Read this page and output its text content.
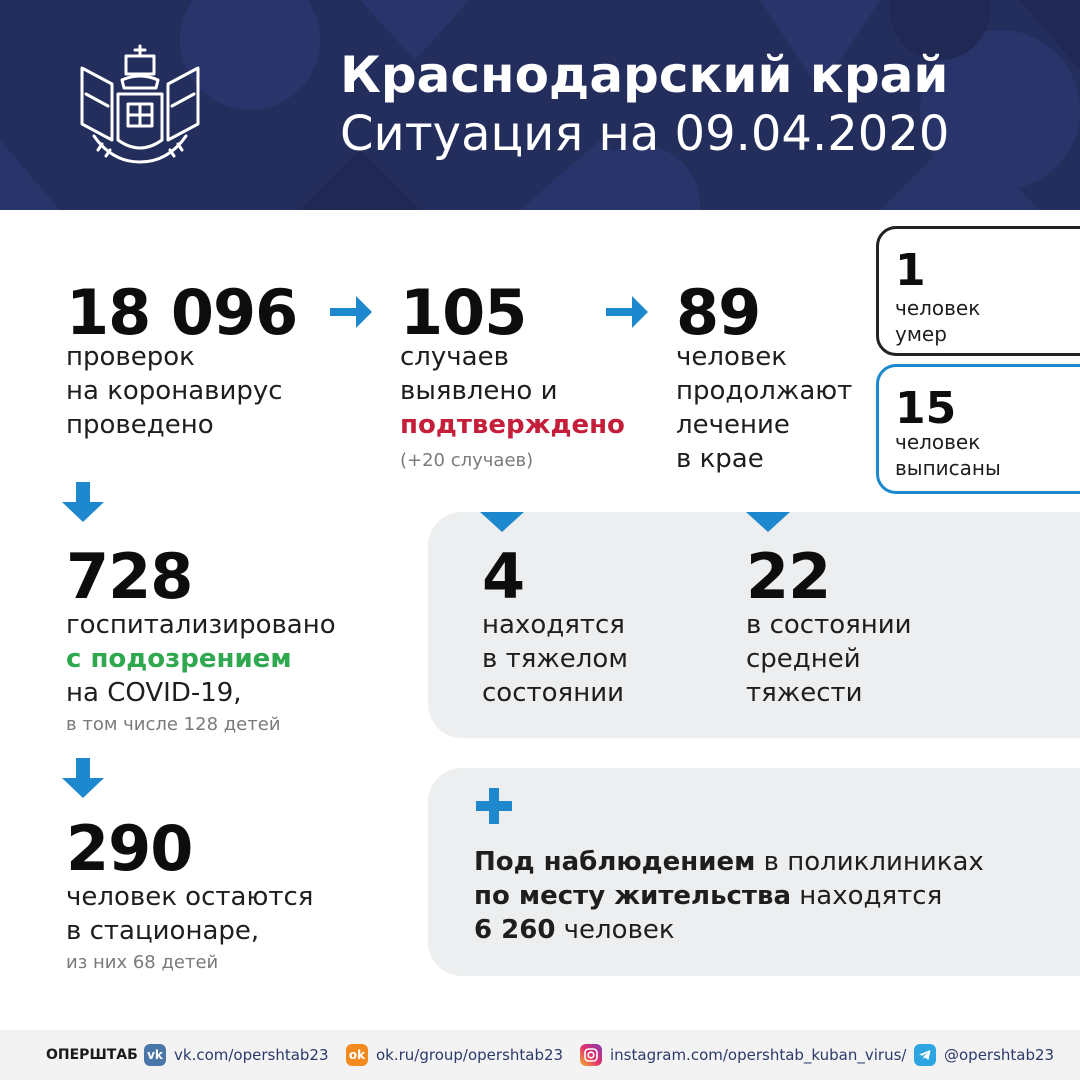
Краснодарский край
Ситуация на 09.04.2020
18 096
проверок
на коронавирус
проведено
105
случаев
выявлено и
подтверждено
(+20 случаев)
89
человек
продолжают
лечение
в крае
1
человек
умер
15
человек
выписаны
728
госпитализировано
с подозрением
на COVID-19,
в том числе 128 детей
4
находятся
в тяжелом
состоянии
22
в состоянии
средней
тяжести
290
человек остаются
в стационаре,
из них 68 детей
Под наблюдением в поликлиниках
по месту жительства находятся
6 260 человек
ОПЕРШТАБ vk vk.com/opershtab23 ok ok.ru/group/opershtab23	instagram.com/opershtab_kuban_virus/	@opershtab23
